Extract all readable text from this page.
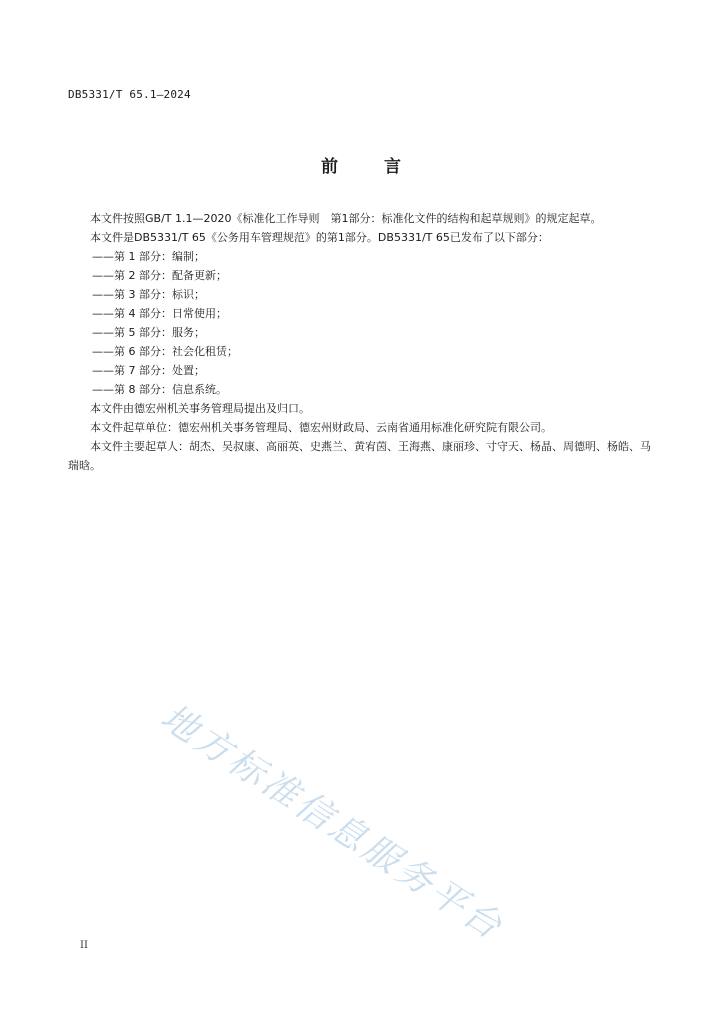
DB5331/T 65.1—2024
前	言
本文件按照GB/T 1.1—2020《标准化工作导则　第1部分：标准化文件的结构和起草规则》的规定起草。
本文件是DB5331/T 65《公务用车管理规范》的第1部分。DB5331/T 65已发布了以下部分：
——第 1 部分：编制；
——第 2 部分：配备更新；
——第 3 部分：标识；
——第 4 部分：日常使用；
——第 5 部分：服务；
——第 6 部分：社会化租赁；
——第 7 部分：处置；
——第 8 部分：信息系统。
本文件由德宏州机关事务管理局提出及归口。
本文件起草单位：德宏州机关事务管理局、德宏州财政局、云南省通用标准化研究院有限公司。
本文件主要起草人：胡杰、吴叔康、高丽英、史燕兰、黄宥茵、王海燕、康丽珍、寸守天、杨晶、周德明、杨皓、马瑞晗。
地方标准信息服务平台
II
